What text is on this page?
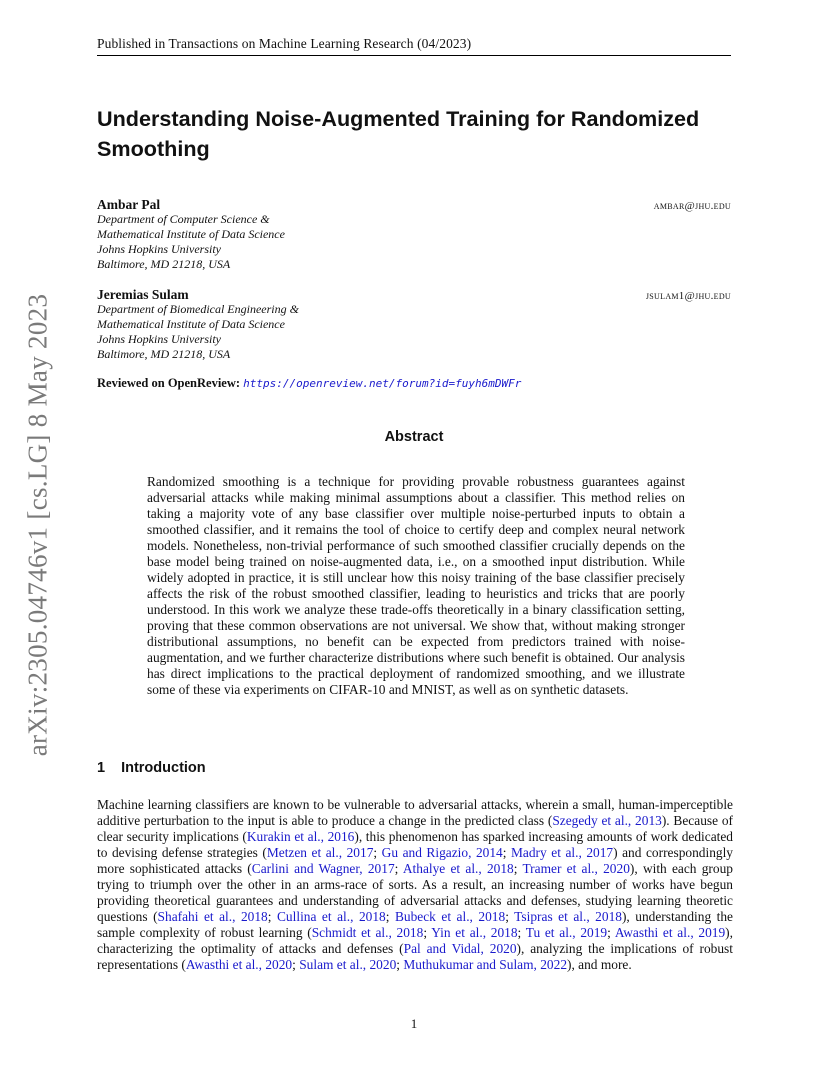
Published in Transactions on Machine Learning Research (04/2023)
arXiv:2305.04746v1 [cs.LG] 8 May 2023
Understanding Noise-Augmented Training for Randomized Smoothing
Ambar Pal	ambar@jhu.edu
Department of Computer Science &
Mathematical Institute of Data Science
Johns Hopkins University
Baltimore, MD 21218, USA
Jeremias Sulam	jsulam1@jhu.edu
Department of Biomedical Engineering &
Mathematical Institute of Data Science
Johns Hopkins University
Baltimore, MD 21218, USA
Reviewed on OpenReview: https://openreview.net/forum?id=fuyh6mDWFr
Abstract
Randomized smoothing is a technique for providing provable robustness guarantees against adversarial attacks while making minimal assumptions about a classifier. This method relies on taking a majority vote of any base classifier over multiple noise-perturbed inputs to obtain a smoothed classifier, and it remains the tool of choice to certify deep and complex neural network models. Nonetheless, non-trivial performance of such smoothed classifier crucially depends on the base model being trained on noise-augmented data, i.e., on a smoothed input distribution. While widely adopted in practice, it is still unclear how this noisy training of the base classifier precisely affects the risk of the robust smoothed classifier, leading to heuristics and tricks that are poorly understood. In this work we analyze these trade-offs theoretically in a binary classification setting, proving that these common observations are not universal. We show that, without making stronger distributional assumptions, no benefit can be expected from predictors trained with noise-augmentation, and we further characterize distributions where such benefit is obtained. Our analysis has direct implications to the practical deployment of randomized smoothing, and we illustrate some of these via experiments on CIFAR-10 and MNIST, as well as on synthetic datasets.
1 Introduction
Machine learning classifiers are known to be vulnerable to adversarial attacks, wherein a small, human-imperceptible additive perturbation to the input is able to produce a change in the predicted class (Szegedy et al., 2013). Because of clear security implications (Kurakin et al., 2016), this phenomenon has sparked increasing amounts of work dedicated to devising defense strategies (Metzen et al., 2017; Gu and Rigazio, 2014; Madry et al., 2017) and correspondingly more sophisticated attacks (Carlini and Wagner, 2017; Athalye et al., 2018; Tramer et al., 2020), with each group trying to triumph over the other in an arms-race of sorts. As a result, an increasing number of works have begun providing theoretical guarantees and understanding of adversarial attacks and defenses, studying learning theoretic questions (Shafahi et al., 2018; Cullina et al., 2018; Bubeck et al., 2018; Tsipras et al., 2018), understanding the sample complexity of robust learning (Schmidt et al., 2018; Yin et al., 2018; Tu et al., 2019; Awasthi et al., 2019), characterizing the optimality of attacks and defenses (Pal and Vidal, 2020), analyzing the implications of robust representations (Awasthi et al., 2020; Sulam et al., 2020; Muthukumar and Sulam, 2022), and more.
1
